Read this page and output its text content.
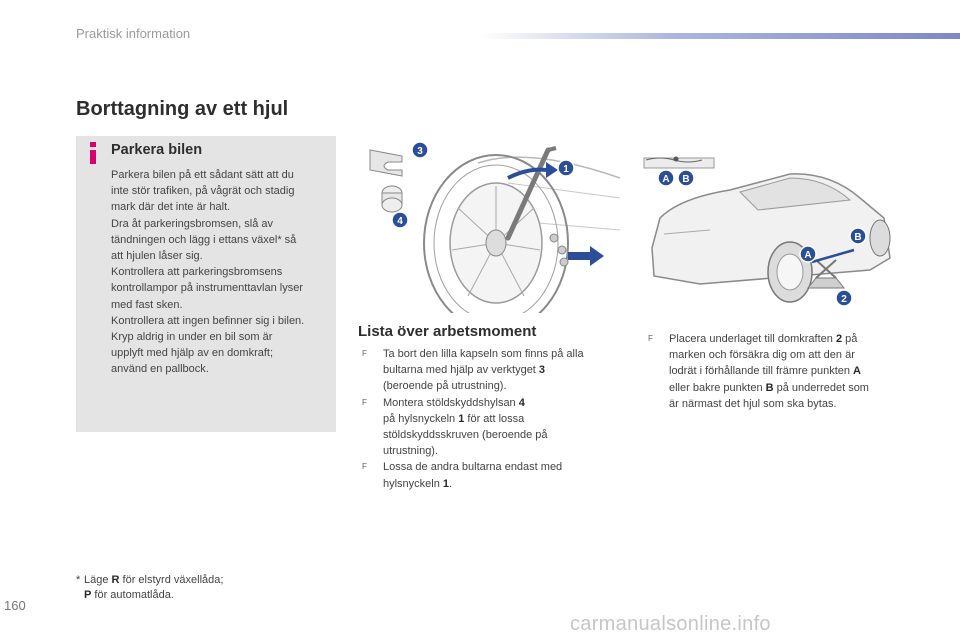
Praktisk information
Borttagning av ett hjul
Parkera bilen
Parkera bilen på ett sådant sätt att du
inte stör trafiken, på vågrät och stadig
mark där det inte är halt.
Dra åt parkeringsbromsen, slå av
tändningen och lägg i ettans växel* så
att hjulen låser sig.
Kontrollera att parkeringsbromsens
kontrollampor på instrumenttavlan lyser
med fast sken.
Kontrollera att ingen befinner sig i bilen.
Kryp aldrig in under en bil som är
upplyft med hjälp av en domkraft;
använd en pallbock.
1
3
4
A B
A
B
2
Lista över arbetsmoment
F Ta bort den lilla kapseln som finns på alla
bultarna med hjälp av verktyget 3
(beroende på utrustning).
F Montera stöldskyddshylsan 4
på hylsnyckeln 1 för att lossa
stöldskyddsskruven (beroende på
utrustning).
F Lossa de andra bultarna endast med
hylsnyckeln 1.
F Placera underlaget till domkraften 2 på
marken och försäkra dig om att den är
lodrät i förhållande till främre punkten A
eller bakre punkten B på underredet som
är närmast det hjul som ska bytas.
* Läge R för elstyrd växellåda;
P för automatlåda.
160
carmanualsonline.info
